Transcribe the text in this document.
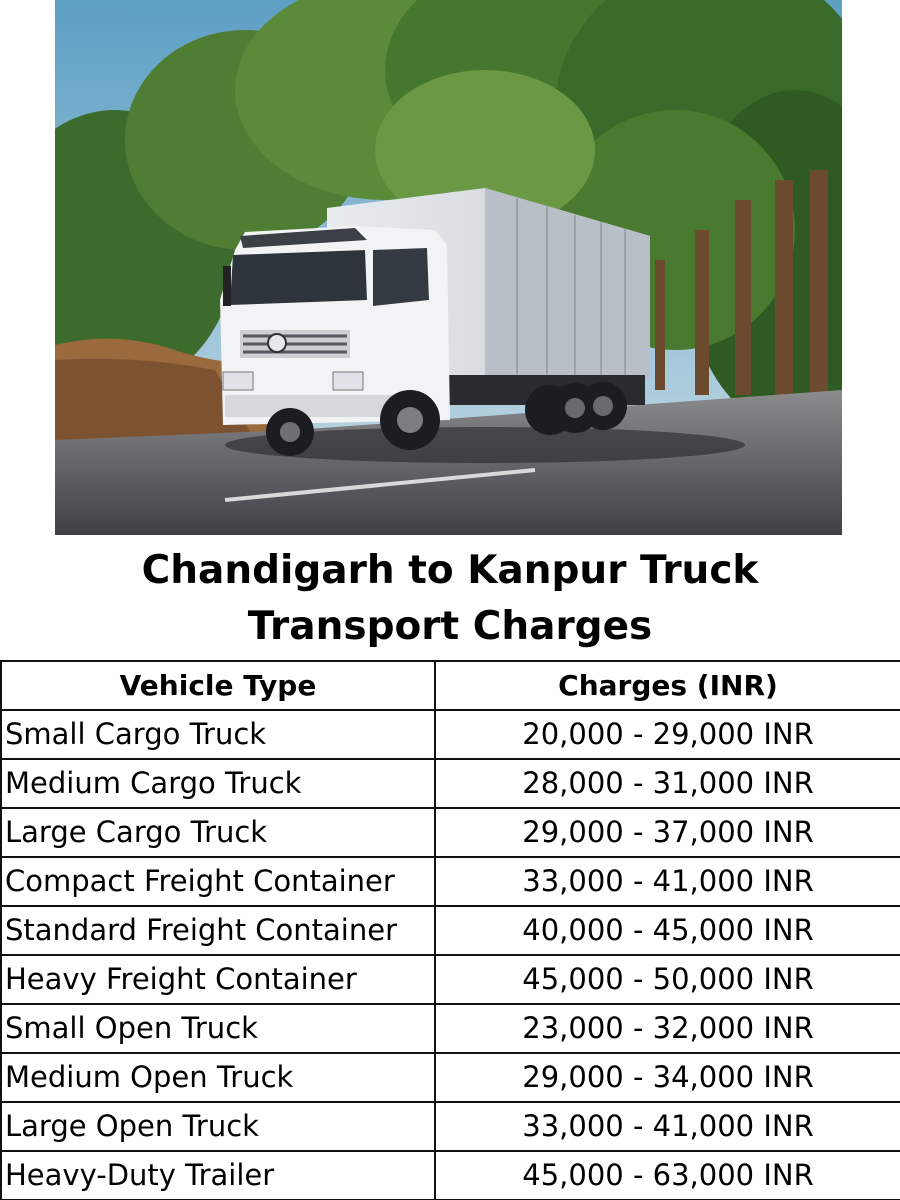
Chandigarh to Kanpur Truck
Transport Charges
Vehicle Type	Charges (INR)
Small Cargo Truck	20,000 - 29,000 INR
Medium Cargo Truck	28,000 - 31,000 INR
Large Cargo Truck	29,000 - 37,000 INR
Compact Freight Container	33,000 - 41,000 INR
Standard Freight Container	40,000 - 45,000 INR
Heavy Freight Container	45,000 - 50,000 INR
Small Open Truck	23,000 - 32,000 INR
Medium Open Truck	29,000 - 34,000 INR
Large Open Truck	33,000 - 41,000 INR
Heavy-Duty Trailer	45,000 - 63,000 INR
